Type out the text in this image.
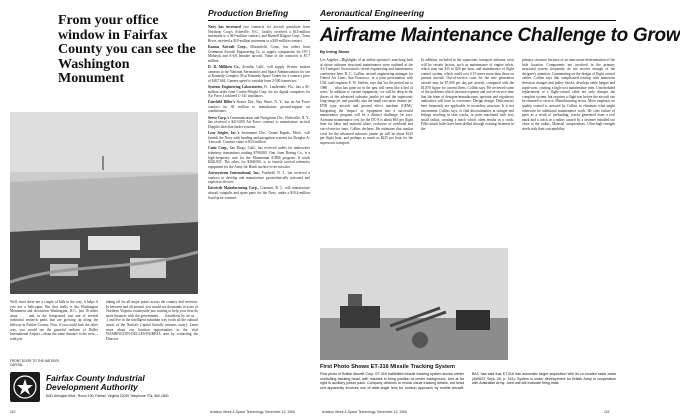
From your office window in Fairfax County you can see the Washington Monument
Well, since there are a couple of hills in the way, it helps if you use a helicopter. But that really is the Washington Monument and downtown Washington, D.C., just 16 miles away . . . and, in the foreground, just one of several industrial research parks that are growing up along the beltway in Fairfax County. Now, if you could look the other way, you would see the graceful outlines of Dulles International Airport—about the same distance to the west—with jets
taking off for all major points across the country and overseas. In between and all around, you would see thousands of acres of Northern Virginia countryside just waiting to help your firm do more business with the government . . . (fastidious by air as . . .) and live in the intelligent suburban way (with all the cultural assets of the Nation's Capital literally minutes away). Learn more about our location opportunities in the vital WASHINGTON-DULLES-FAIRFAX area by contacting the Director:
FRONT DOOR TO THE NATION'S CAPITAL
Fairfax County Industrial Development Authority
8411 Arlington Blvd., Room 100, Fairfax, Virginia 22030 Telephone 703, 560-1800
Production Briefing

Navy has increased two contracts for aircraft parachute from Northrop Corp's Asheville, N.C., facility received a $14-million increment to a $19-million contract, and Burnell Kilgore Corp., Toms River, received a $10-million increment to a $29-million contract.

Kansas Aircraft Corp., Bloomfield, Conn., has orders from Grumman Aircraft Engineering Co. to supply components for OV-1 Mohawk and A-6A Intruder aircraft. Value of the contracts is $7.7 million.

D. B. Milliken Co., Arcadia, Calif., will supply 16-mm. motion cameras to the National Aeronautics and Space Administration for use at Kennedy Complex 39 at Kennedy Space Center for a contract price of $267,684. Camera speed is variable from 2-500 frames/sec.

Systems Engineering Laboratories, Ft. Lauderdale, Fla., has a $1-million order from Curtiss-Wright Corp. for six digital computers for Air Force Lockheed C-141 simulators.

Fairchild Hiller's Stratos Div., Bay Shore, N. Y., has an Air Force contract for $1 million to manufacture ground-support air conditioners.

Servo Corp.'s Communication and Navigation Div., Hicksville, N. Y., has received a $413,000 Air Force contract to manufacture tactical Doppler direction finder systems.

Lear Siegler, Inc.'s Instrument Div., Grand Rapids, Mich., will furnish the Navy with heading and navigation systems for Douglas A-4 aircraft. Contract value is $3.6 million.

Conic Corp., San Diego, Calif., has received orders for underwater telemetry transmitters totaling $790,000. One, from Boeing Co., is a high-frequency unit for the Minuteman ICBM program. It totals $426,835. The other, for $368,000, is to furnish tactical telemetry equipment for the Army for Hawk surface-to-air missiles.

Astrosystems International, Inc., Fairfield, N. J., has received a contract to develop and manufacture pyrotechnically activated and explosive devices.

Entwistle Manufacturing Corp., Cranston, R. I., will manufacture aircraft catapults and spare parts for the Navy, under a $10.4-million fixed-price contract.

Aeronautical Engineering
Airframe Maintenance Challenge to Grow
By Irving Stone
Los Angeles—Highlights of an airline operator's searching look at future airframe structural maintenance were outlined at the Air Transport Association's recent engineering and maintenance conference here. R. C. Collins, aircraft engineering manager for United Air Lines, San Francisco, in a joint presentation with UAL staff engineer E. W. Steffen, says that 'for the period out to 1980 . . . what has gone on in the past will seem like a bed of roses.' In addition to current equipment, 'we will be deep in the throes of the advanced subsonic jumbo jet and the supersonic long-range jet, and possibly also the small executive charter jet.' $708 type aircraft and ground effect machine (GEM).' Integrating the 'impact' of equipment into a successful maintenance program will be a distinct challenge, he says. Airframe maintenance cost for the DC-8 is about $65 per flight hour for labor and material alone, exclusive of overhead and out-of-service time, Collins declares. He estimates that similar costs for the advanced subsonic jumbo jet will be about $125 per flight hour, and perhaps as much as $225 per hour for the supersonic transport.
In addition, included in the supersonic transport airframe costs will be certain factors, such as maintenance of engine inlets, which may run $15 to $20 per hour, and maintenance of flight control system, which could cost 4-15 times more than those on present aircraft. Out-of-service costs for the new generation aircraft may be $7,000 per day per aircraft, compared with the $1,870 figure for current fleets, Collins says. He reviewed some of the problems which increase expense and out-of-service time that the team of designer/manufacturer, operator and regulatory authorities will have to overcome: Design design. Deficiencies here frequently are applicable to secondary structure. It is not uncommon, Collins says, to find discontinuities at stringer end fittings resulting in skin cracks, or parts machined with very small radius, creating a notch which often results in a crack. Fillet attach holes have been drilled through existing fasteners in the
primary structure because of an unaccurate determination of the hole location. Components not involved in the primary structural system frequently do not receive enough of the designer's attention. Commenting on the design of flight control cables, Collins says that complicated routing with numerous direction changes and pulley blocks, develops cable fatigue and rapid wear, creating a high-cost maintenance item. Unscheduled replacement of a flight-control cable not only disrupts the complete system, but requires a flight test before the aircraft can be returned to service. Manufacturing errors. More emphasis on quality control is stressed by Collins to eliminate what might otherwise be additional maintenance work. He cites failure of parts as a result of preloading, cracks generated from a tool mark and a crack in a radius caused by a fastener installed too close to the radius. Material compromises. Ultra-high-strength steels with their susceptibility
First Photo Shows ET-316 Missile Tracking System
First photo of British Aircraft Corp. ET-316 battlefield missile tracking system shows orbiter controlling tracking head, with missiles in firing position at center background. Unit at far right is auxiliary power pack. Company declines to reveal visual tracking details, but head unit apparently involves use of wide-angle lens for horizon approach by mobile aircraft. BAC has said that ET.316 has automatic target acquisition with its co-located radar radar (AW&ST Sept. 26, p. 161). System is under development for British Army in cooperation with Australian Army. Joint unit will evaluate firing trials.
110	Aviation Week & Space Technology, December 12, 1966	Aviation Week & Space Technology, December 12, 1966	115
